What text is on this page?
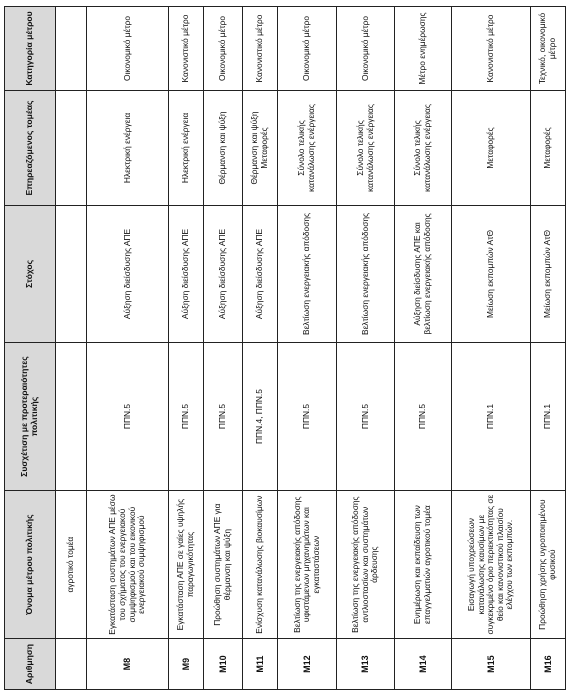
Αριθμηση	Όνομα μέτρου πολιτικής	Συσχέτιση με προτεραιότητες πολιτικής	Στόχος	Επηρεαζόμενος τομέας	Κατηγορία μέτρου
	αγροτικό τομέα				
M8	Εγκατάσταση συστημάτων ΑΠΕ μέσω του σχήματος του ενεργειακού συμψηφισμού και του εικονικού ενεργειακού συμψηφισμού	ΠΠΝ.5	Αύξηση διείσδυσης ΑΠΕ	Ηλεκτρική ενέργεια	Οικονομικό μέτρο
M9	Εγκατάσταση ΑΠΕ σε γαίες υψηλής παραγωγικότητας	ΠΠΝ.5	Αύξηση διείσδυσης ΑΠΕ	Ηλεκτρική ενέργεια	Κανονιστικό μέτρο
M10	Προώθηση συστημάτων ΑΠΕ για θέρμανση και ψύξη	ΠΠΝ.5	Αύξηση διείσδυσης ΑΠΕ	Θέρμανση και ψύξη	Οικονομικό μέτρο
M11	Ενίσχυση κατανάλωσης βιοκαυσίμων	ΠΠΝ.4, ΠΠΝ.5	Αύξηση διείσδυσης ΑΠΕ	Θέρμανση και ψύξη Μεταφορές	Κανονιστικό μέτρο
M12	Βελτίωση της ενεργειακής απόδοσης υφιστάμενων μηχανημάτων και εγκαταστάσεων	ΠΠΝ.5	Βελτίωση ενεργειακής απόδοσης	Σύνολο τελικής κατανάλωσης ενέργειας	Οικονομικό μέτρο
M13	Βελτίωση της ενεργειακής απόδοσης αντλιοστασίων και συστημάτων άρδευσης	ΠΠΝ.5	Βελτίωση ενεργειακής απόδοσης	Σύνολο τελικής κατανάλωσης ενέργειας	Οικονομικό μέτρο
M14	Ενημέρωση και εκπαίδευση των επαγγελματιών αγροτικού τομέα	ΠΠΝ.5	Αύξηση διείσδυσης ΑΠΕ και βελτίωση ενεργειακής απόδοσης	Σύνολο τελικής κατανάλωσης ενέργειας	Μέτρο ενημέρωσης
M15	Εισαγωγή υποχρεώσεων κατανάλωσης καυσίμων με συγκεκριμένο όριο περιεκτικότητας σε θείο και κανονιστικού πλαισίου ελέγχου των εκπομπών.	ΠΠΝ.1	Μείωση εκπομπών ΑτΘ	Μεταφορές	Κανονιστικό μέτρο
M16	Προώθηση χρήσης υγροποιημένου φυσικού	ΠΠΝ.1	Μείωση εκπομπών ΑτΘ	Μεταφορές	Τεχνικό, οικονομικό μέτρο
